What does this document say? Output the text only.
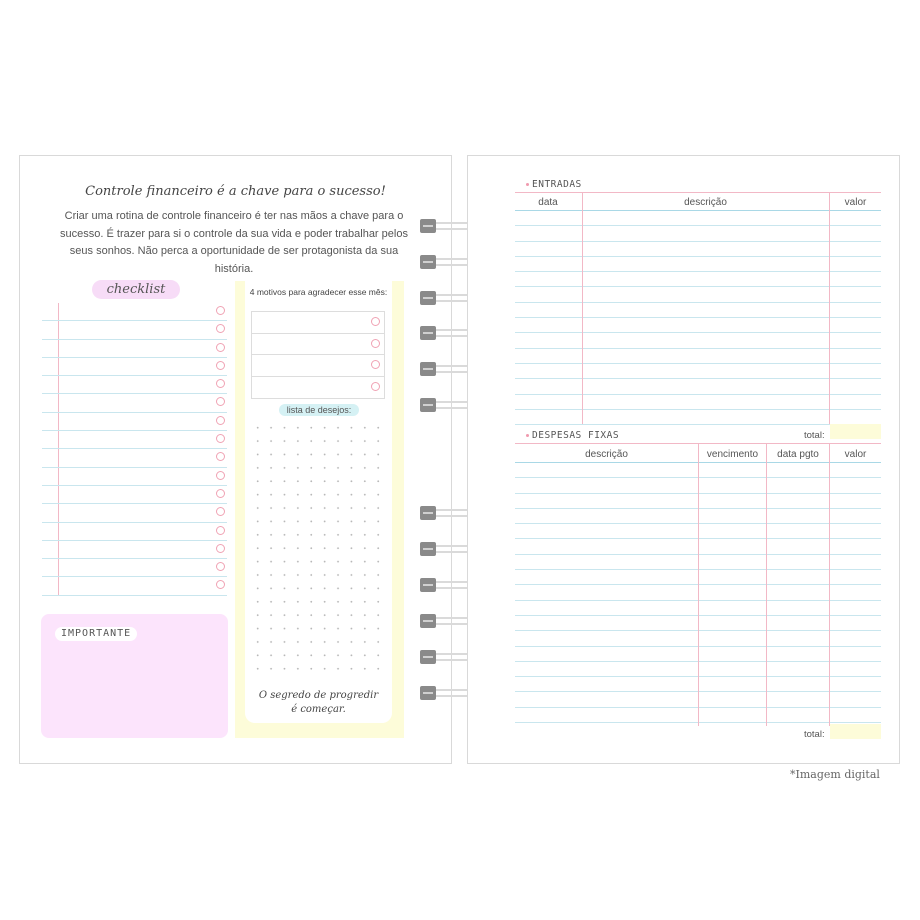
Controle financeiro é a chave para o sucesso!
Criar uma rotina de controle financeiro é ter nas mãos a chave para o sucesso. É trazer para si o controle da sua vida e poder trabalhar pelos seus sonhos. Não perca a oportunidade de ser protagonista da sua história.
checklist
IMPORTANTE
4 motivos para agradecer esse mês:
lista de desejos:
O segredo de progredir
é começar.
ENTRADAS
data	descrição	valor
total:
DESPESAS FIXAS
descrição	vencimento	data pgto	valor
total:
*Imagem digital
